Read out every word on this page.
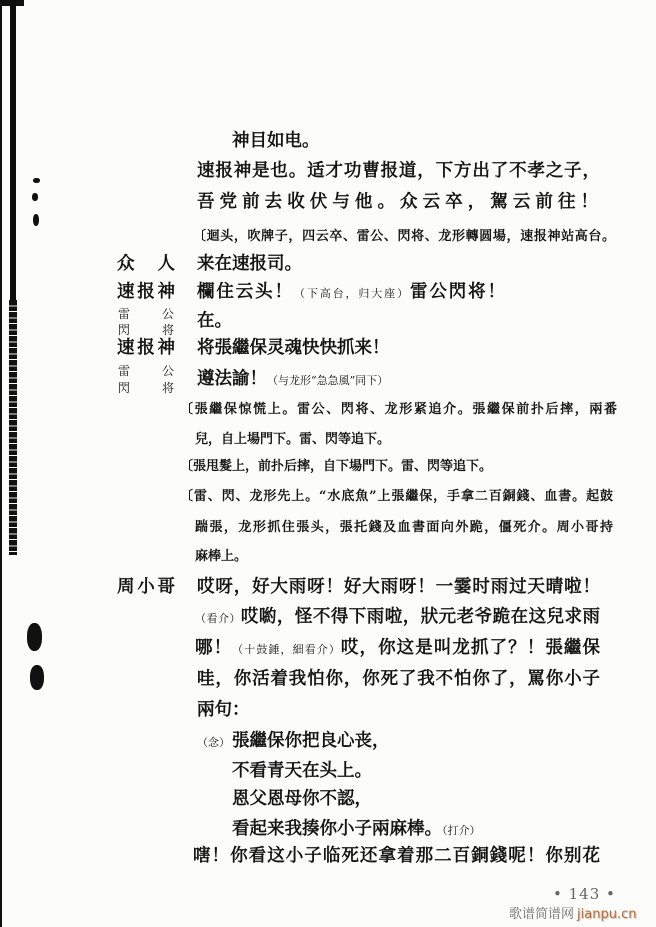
神目如电。
速报神是也。适才功曹报道，下方出了不孝之子，
吾党前去收伏与他。众云卒，駕云前往！
〔迴头，吹牌子，四云卒、雷公、閃将、龙形轉圆場，速报神站高台。
众人 来在速报司。
速报神 欄住云头！（下高台，归大座）雷公閃将！
雷公
閃将 在。
速报神 将張繼保灵魂快快抓来！
雷公
閃将 遵法諭！（与龙形“急急風”同下）
〔張繼保惊慌上。雷公、閃将、龙形紧追介。張繼保前扑后摔，兩番
兒，自上場門下。雷、閃等追下。
〔張甩髮上，前扑后摔，自下場門下。雷、閃等追下。
〔雷、閃、龙形先上。“水底魚”上張繼保，手拿二百銅錢、血書。起鼓
踹張，龙形抓住張头，張托錢及血書面向外跪，僵死介。周小哥持
麻棒上。
周小哥 哎呀，好大雨呀！好大雨呀！一霎时雨过天晴啦！
（看介）哎喲，怪不得下雨啦，狀元老爷跪在这兒求雨
哪！（十鼓錘，細看介）哎，你这是叫龙抓了？！張繼保
哇，你活着我怕你，你死了我不怕你了，罵你小子
兩句：
（念） 張繼保你把良心丧，
不看青天在头上。
恩父恩母你不認，
看起来我揍你小子兩麻棒。（打介）
嗐！你看这小子临死还拿着那二百銅錢呢！你别花
• 143 •
歌谱简谱网 jianpu.cn
